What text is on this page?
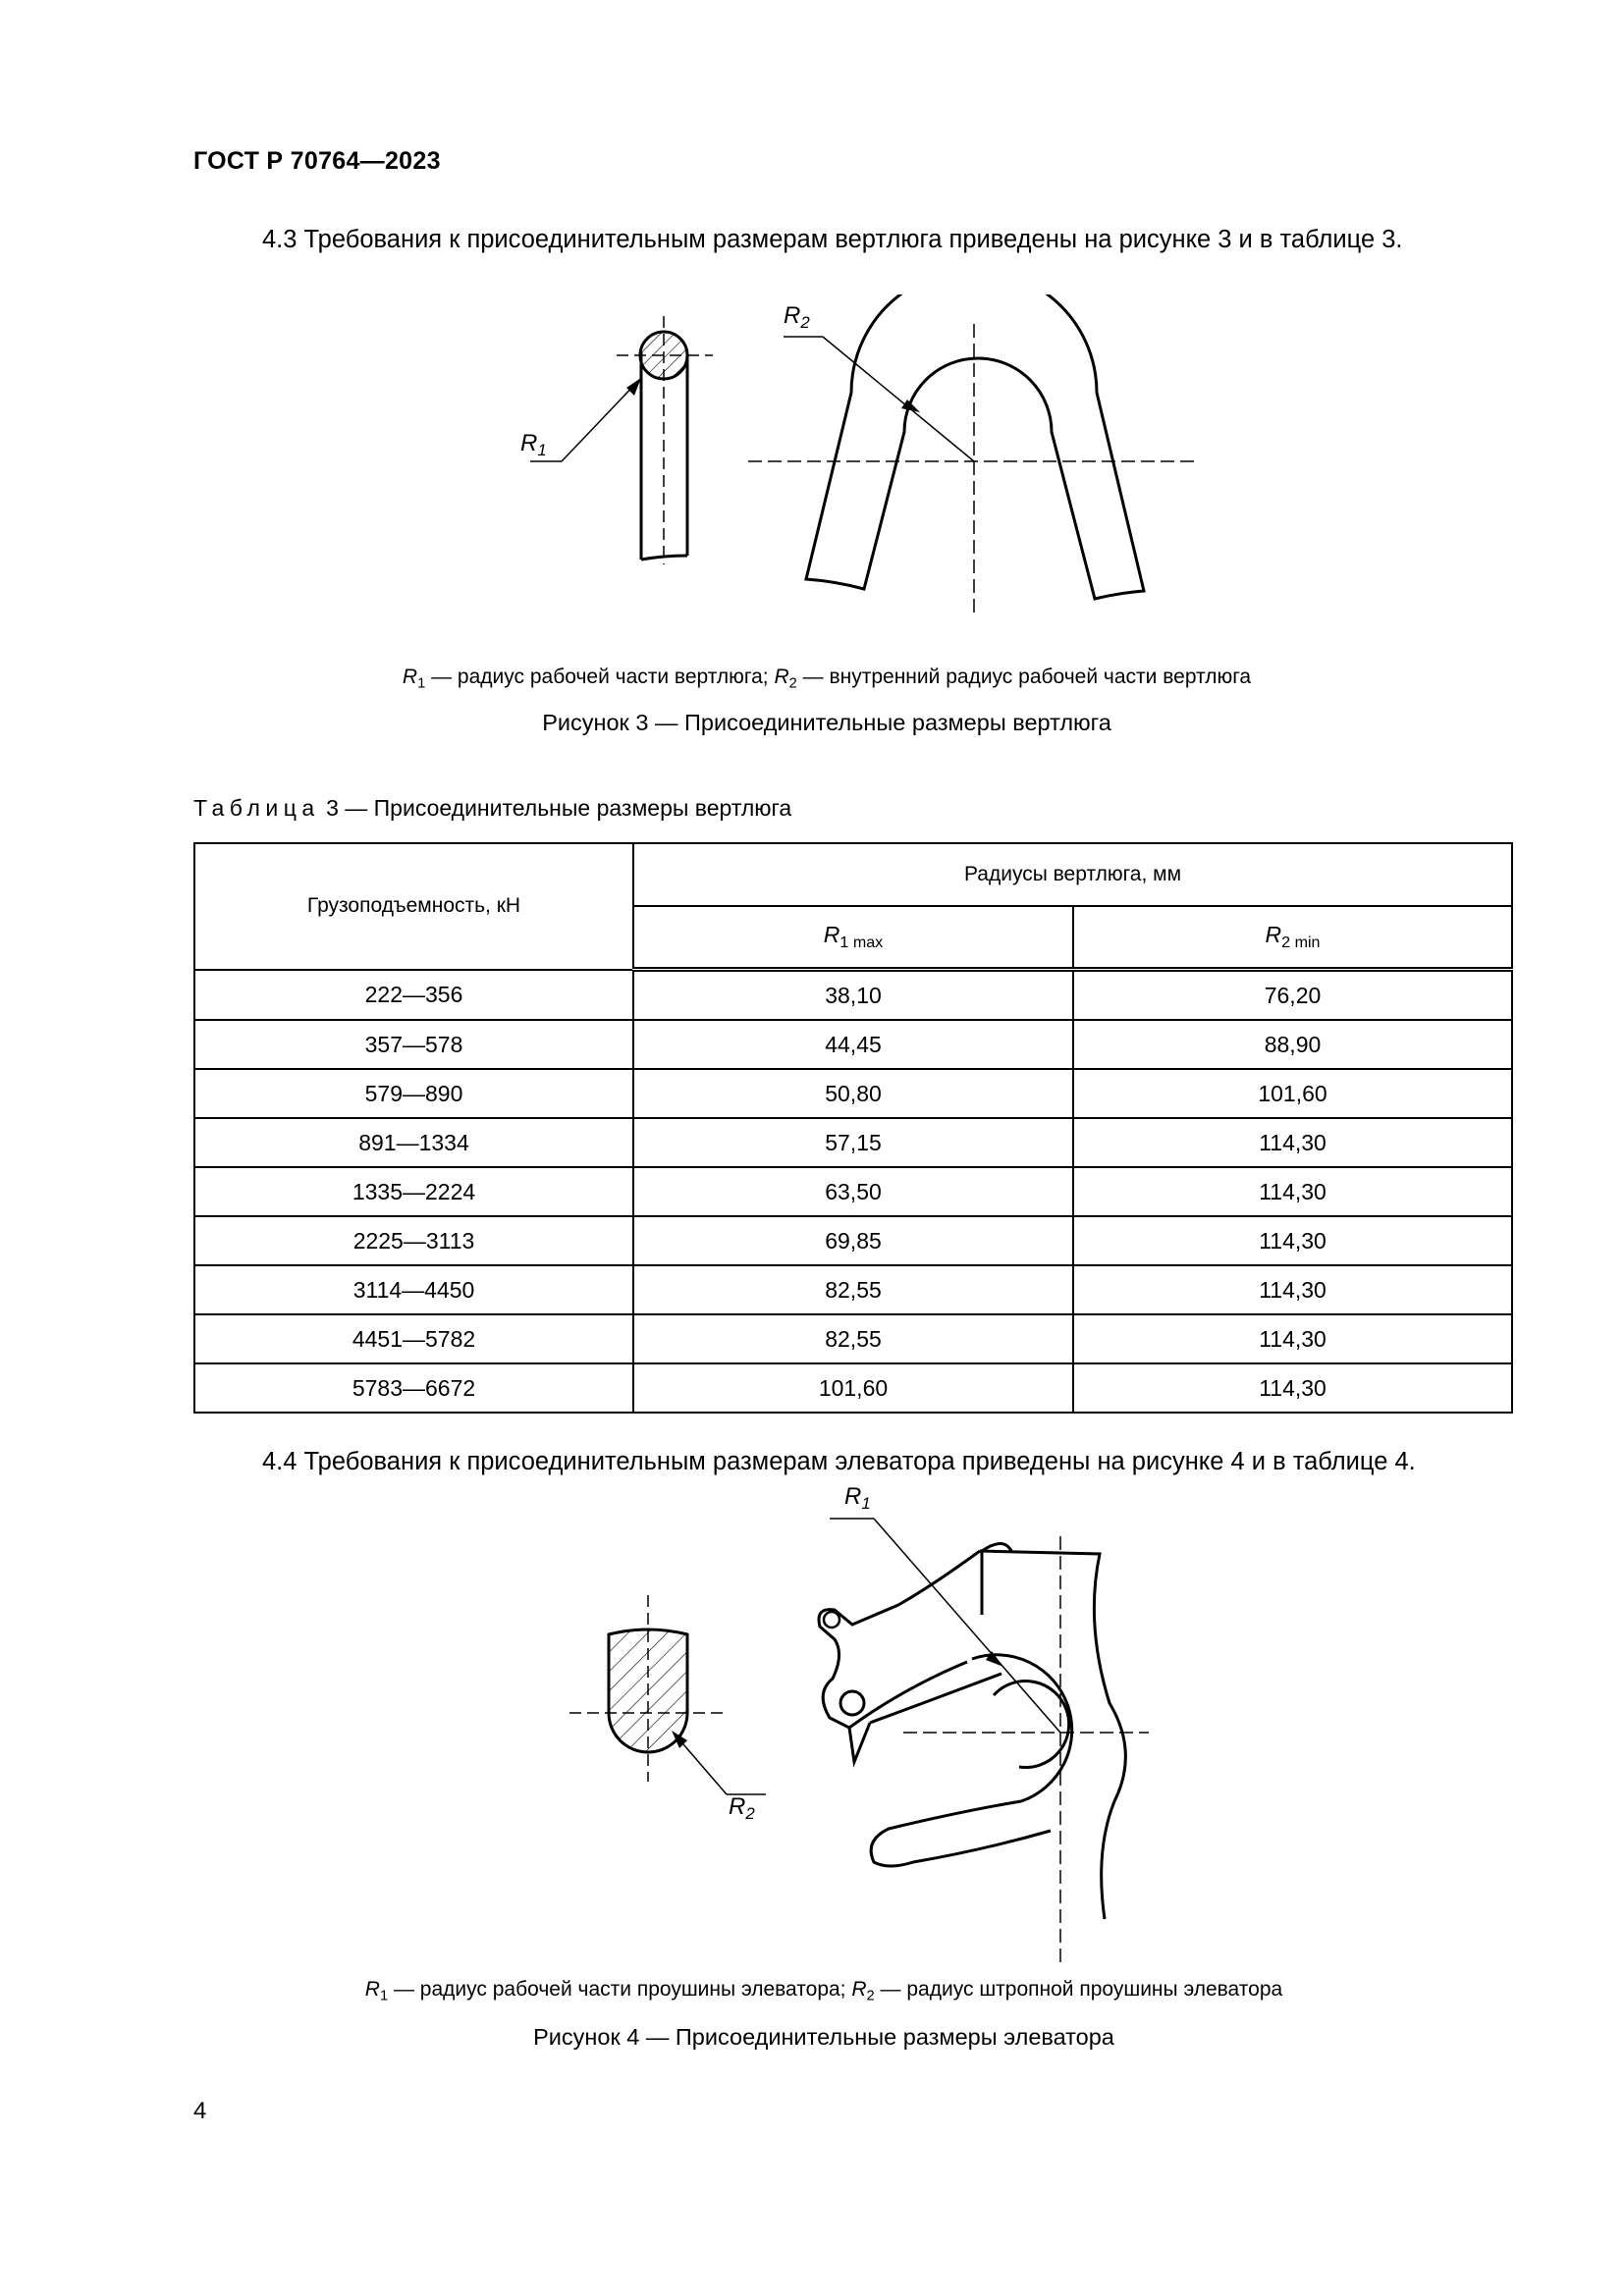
ГОСТ Р 70764—2023
4.3 Требования к присоединительным размерам вертлюга приведены на рисунке 3 и в таблице 3.
$R_1$
$R_2$
$R_1$ — радиус рабочей части вертлюга; $R_2$ — внутренний радиус рабочей части вертлюга
Рисунок 3 — Присоединительные размеры вертлюга
Таблица 3 — Присоединительные размеры вертлюга
Грузоподъемность, кН	Радиусы вертлюга, мм	
	$R_{1 max}$	$R_{2 min}$
222—356	38,10	76,20
357—578	44,45	88,90
579—890	50,80	101,60
891—1334	57,15	114,30
1335—2224	63,50	114,30
2225—3113	69,85	114,30
3114—4450	82,55	114,30
4451—5782	82,55	114,30
5783—6672	101,60	114,30
4.4 Требования к присоединительным размерам элеватора приведены на рисунке 4 и в таблице 4.
$R_1$
$R_2$
$R_1$ — радиус рабочей части проушины элеватора; $R_2$ — радиус штропной проушины элеватора
Рисунок 4 — Присоединительные размеры элеватора
4
